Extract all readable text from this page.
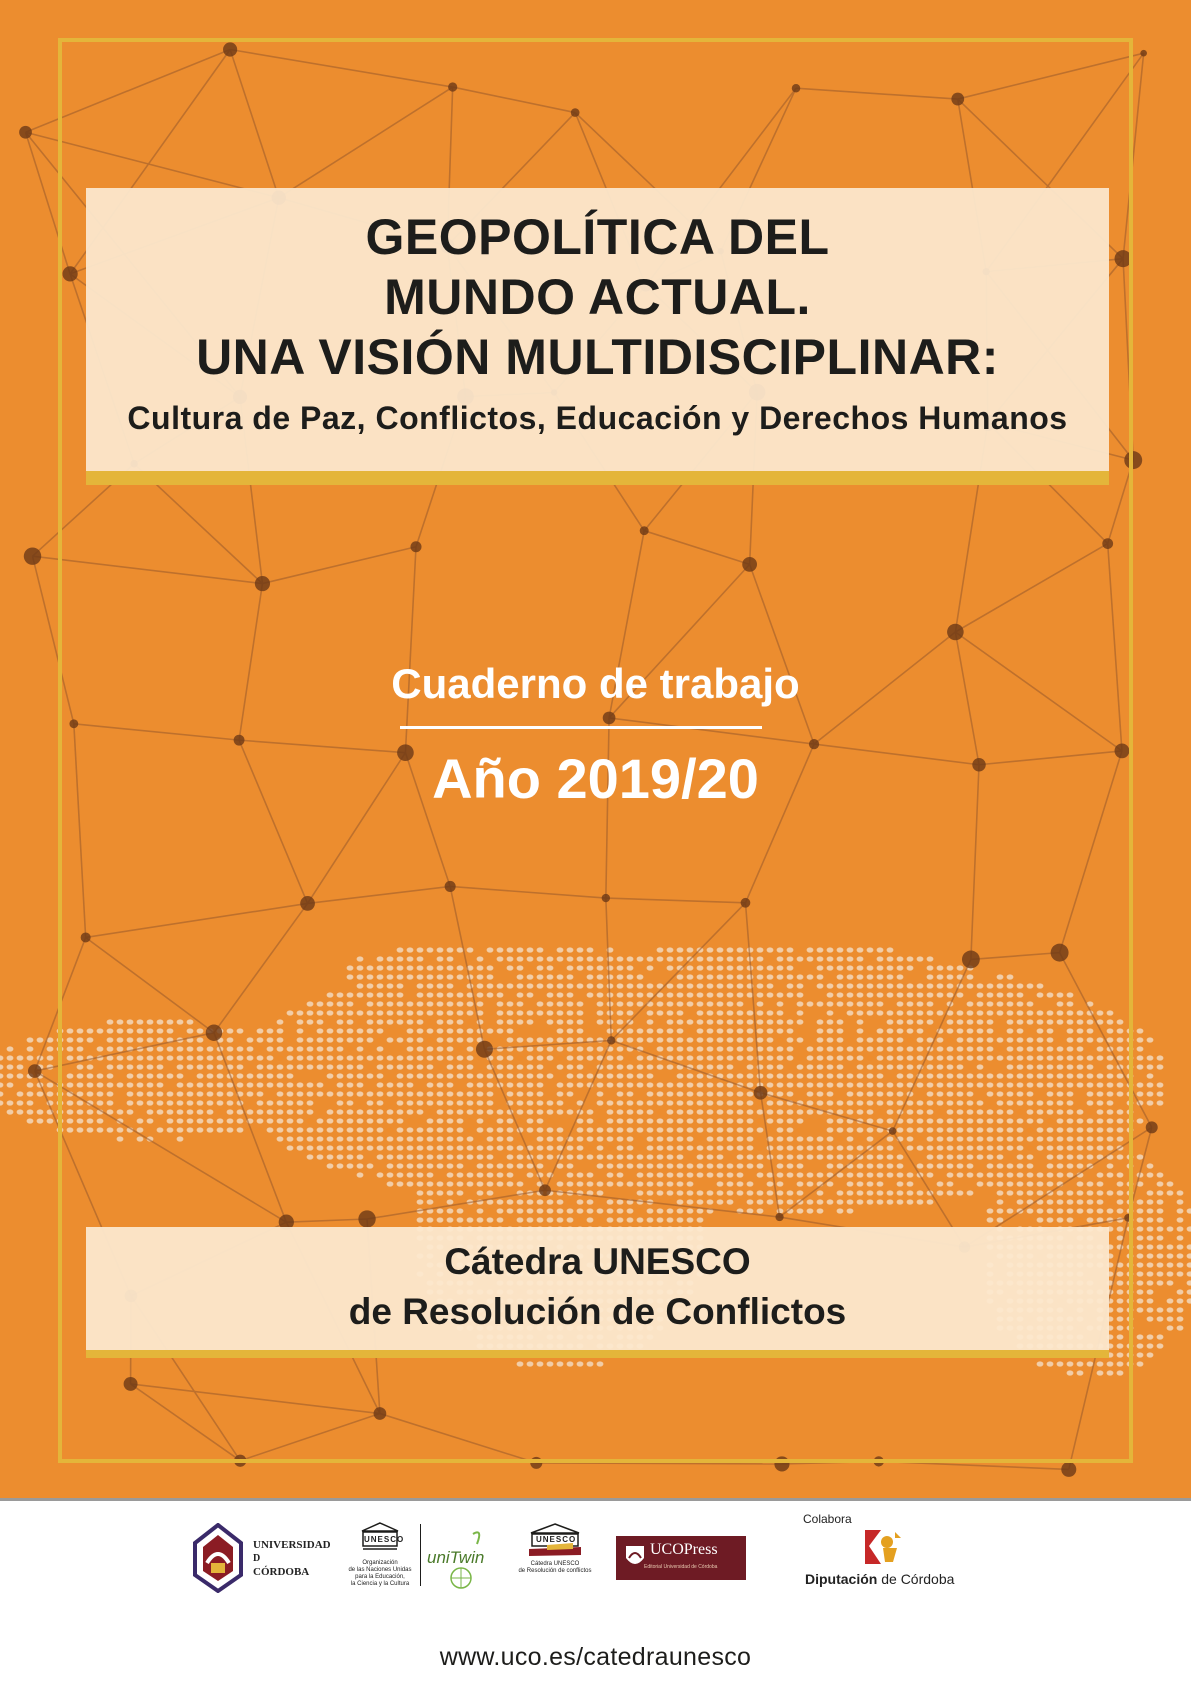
GEOPOLÍTICA DEL
MUNDO ACTUAL.
UNA VISIÓN MULTIDISCIPLINAR:
Cultura de Paz, Conflictos, Educación y Derechos Humanos
Cuaderno de trabajo
Año 2019/20
Cátedra UNESCO
de Resolución de Conflictos
UNIVERSIDAD
D
CÓRDOBA
UNESCO
Organización
de las Naciones Unidas
para la Educación,
la Ciencia y la Cultura
uniTwin
UNESCO
Cátedra UNESCO
de Resolución de conflictos
UCOPress
Editorial Universidad de Córdoba
Colabora
Diputación de Córdoba
www.uco.es/catedraunesco
